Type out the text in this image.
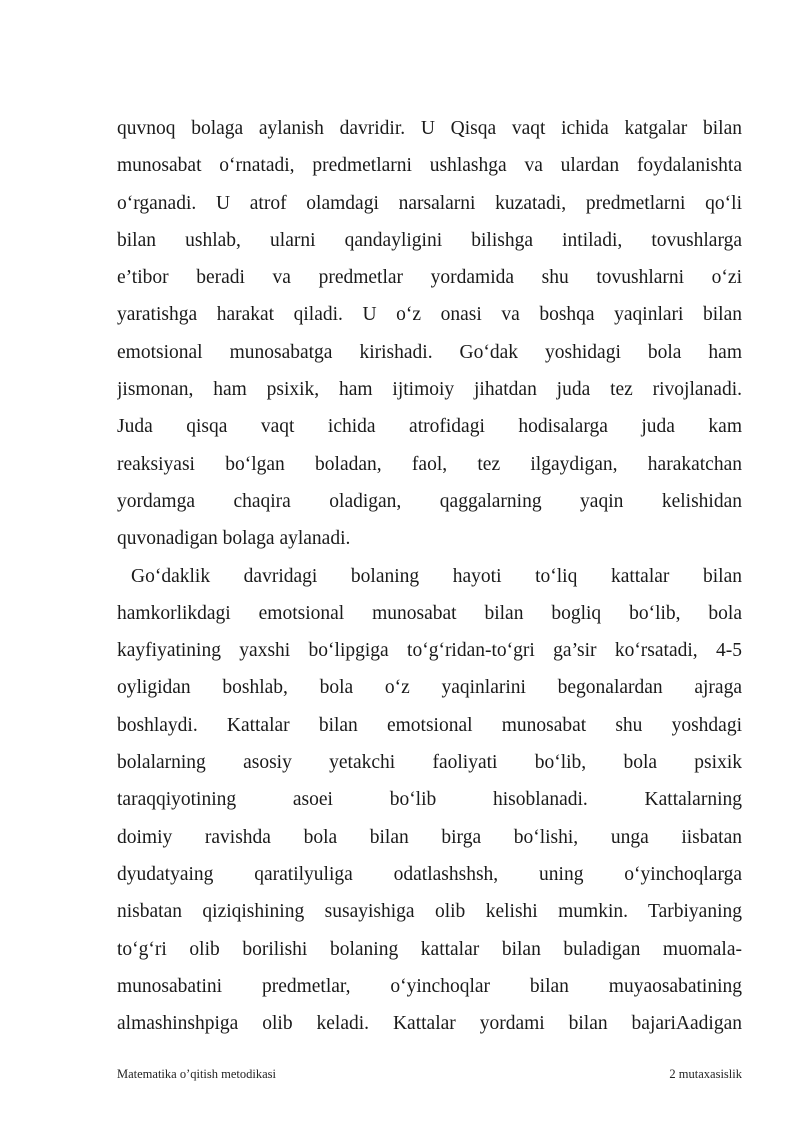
quvnoq bolaga aylanish davridir. U Qisqa vaqt ichida katgalar bilan
munosabat o‘rnatadi, predmetlarni ushlashga va ulardan foydalanishta
o‘rganadi. U atrof olamdagi narsalarni kuzatadi, predmetlarni qo‘li
bilan ushlab, ularni qandayligini bilishga intiladi, tovushlarga
e’tibor beradi va predmetlar yordamida shu tovushlarni o‘zi
yaratishga harakat qiladi. U o‘z onasi va boshqa yaqinlari bilan
emotsional munosabatga kirishadi. Go‘dak yoshidagi bola ham
jismonan, ham psixik, ham ijtimoiy jihatdan juda tez rivojlanadi.
Juda qisqa vaqt ichida atrofidagi hodisalarga juda kam
reaksiyasi bo‘lgan boladan, faol, tez ilgaydigan, harakatchan
yordamga chaqira oladigan, qaggalarning yaqin kelishidan
quvonadigan bolaga aylanadi.
Go‘daklik davridagi bolaning hayoti to‘liq kattalar bilan
hamkorlikdagi emotsional munosabat bilan bogliq bo‘lib, bola
kayfiyatining yaxshi bo‘lipgiga to‘g‘ridan-to‘gri ga’sir ko‘rsatadi, 4-5
oyligidan boshlab, bola o‘z yaqinlarini begonalardan ajraga
boshlaydi. Kattalar bilan emotsional munosabat shu yoshdagi
bolalarning asosiy yetakchi faoliyati bo‘lib, bola psixik
taraqqiyotining asoei bo‘lib hisoblanadi. Kattalarning
doimiy ravishda bola bilan birga bo‘lishi, unga iisbatan
dyudatyaing qaratilyuliga odatlashshsh, uning o‘yinchoqlarga
nisbatan qiziqishining susayishiga olib kelishi mumkin. Tarbiyaning
to‘g‘ri olib borilishi bolaning kattalar bilan buladigan muomala-
munosabatini predmetlar, o‘yinchoqlar bilan muyaosabatining
almashinshpiga olib keladi. Kattalar yordami bilan bajariAadigan
Matematika o’qitish metodikasi	2 mutaxasislik
